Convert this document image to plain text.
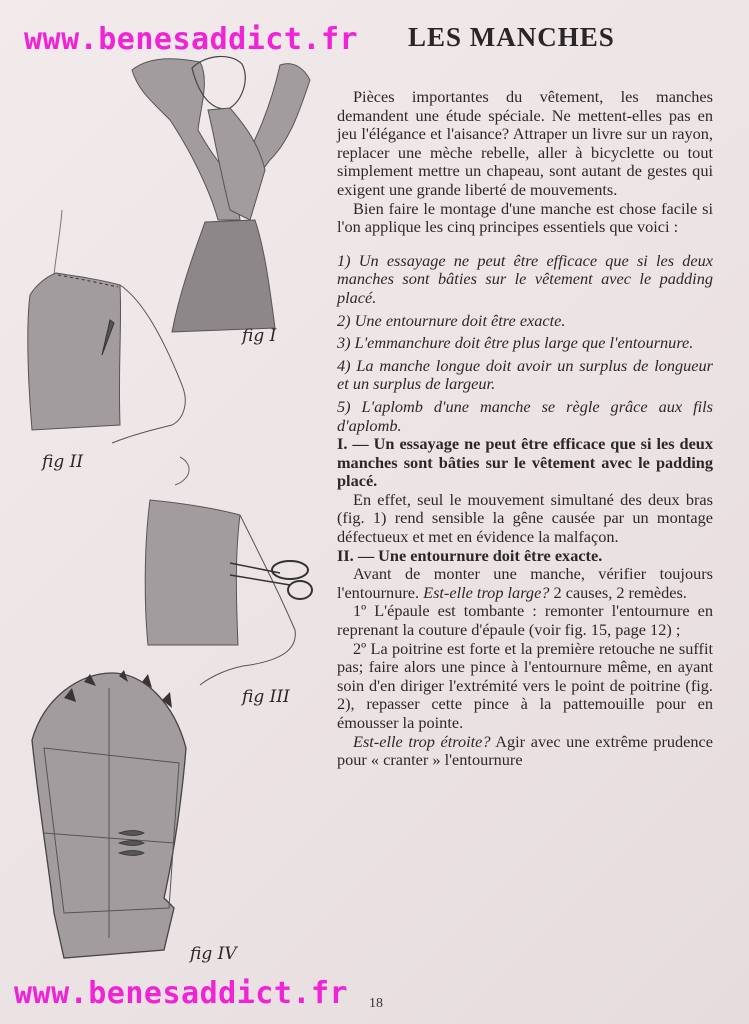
LES MANCHES
fig I
fig II
fig III
fig IV

Pièces importantes du vêtement, les manches demandent une étude spéciale. Ne mettent-elles pas en jeu l'élégance et l'aisance? Attraper un livre sur un rayon, replacer une mèche rebelle, aller à bicyclette ou tout simplement mettre un chapeau, sont autant de gestes qui exigent une grande liberté de mouvements.

Bien faire le montage d'une manche est chose facile si l'on applique les cinq principes essentiels que voici :

1) Un essayage ne peut être efficace que si les deux manches sont bâties sur le vêtement avec le padding placé.

2) Une entournure doit être exacte.

3) L'emmanchure doit être plus large que l'entournure.

4) La manche longue doit avoir un surplus de longueur et un surplus de largeur.

5) L'aplomb d'une manche se règle grâce aux fils d'aplomb.

I. — Un essayage ne peut être efficace que si les deux manches sont bâties sur le vêtement avec le padding placé.

En effet, seul le mouvement simultané des deux bras (fig. 1) rend sensible la gêne causée par un montage défectueux et met en évidence la malfaçon.

II. — Une entournure doit être exacte.

Avant de monter une manche, vérifier toujours l'entournure. Est-elle trop large? 2 causes, 2 remèdes.

1º L'épaule est tombante : remonter l'entournure en reprenant la couture d'épaule (voir fig. 15, page 12) ;

2º La poitrine est forte et la première retouche ne suffit pas; faire alors une pince à l'entournure même, en ayant soin d'en diriger l'extrémité vers le point de poitrine (fig. 2), repasser cette pince à la pattemouille pour en émousser la pointe.

Est-elle trop étroite? Agir avec une extrême prudence pour « cranter » l'entournure

18
www.benesaddict.fr
www.benesaddict.fr
